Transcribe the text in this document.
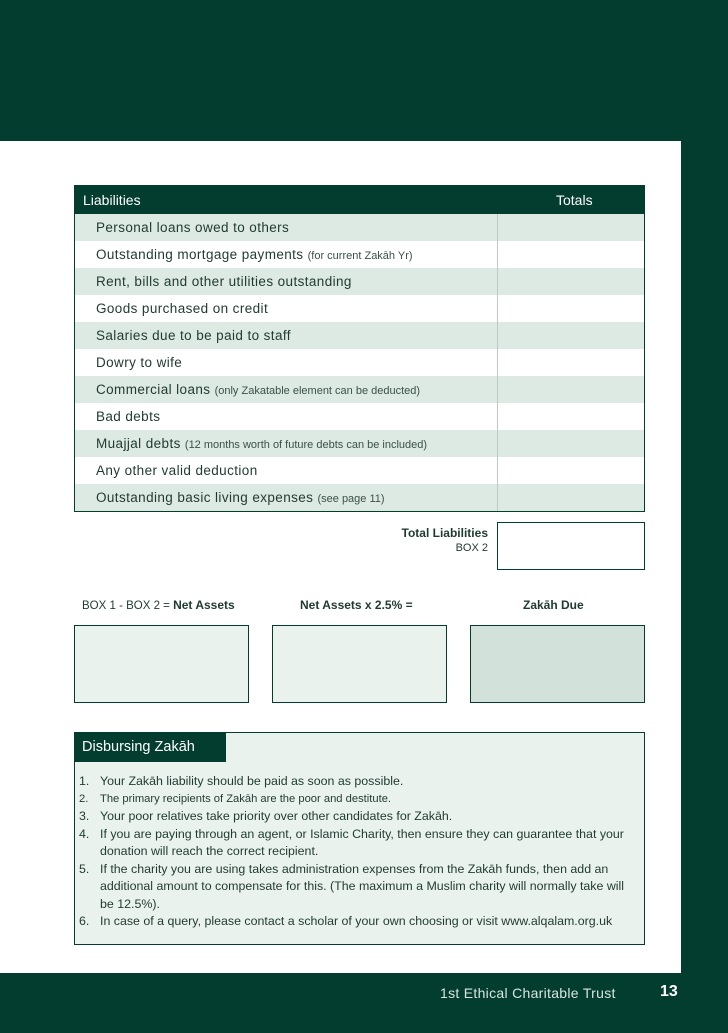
Liabilities	Totals
Personal loans owed to others
Outstanding mortgage payments (for current Zakāh Yr)
Rent, bills and other utilities outstanding
Goods purchased on credit
Salaries due to be paid to staff
Dowry to wife
Commercial loans (only Zakatable element can be deducted)
Bad debts
Muajjal debts (12 months worth of future debts can be included)
Any other valid deduction
Outstanding basic living expenses (see page 11)
Total Liabilities
BOX 2
BOX 1 - BOX 2 = Net Assets	Net Assets x 2.5% =	Zakāh Due
Disbursing Zakāh
1. Your Zakāh liability should be paid as soon as possible.
2. The primary recipients of Zakāh are the poor and destitute.
3. Your poor relatives take priority over other candidates for Zakāh.
4. If you are paying through an agent, or Islamic Charity, then ensure they can guarantee that your donation will reach the correct recipient.
5. If the charity you are using takes administration expenses from the Zakāh funds, then add an additional amount to compensate for this. (The maximum a Muslim charity will normally take will be 12.5%).
6. In case of a query, please contact a scholar of your own choosing or visit www.alqalam.org.uk
1st Ethical Charitable Trust	13
